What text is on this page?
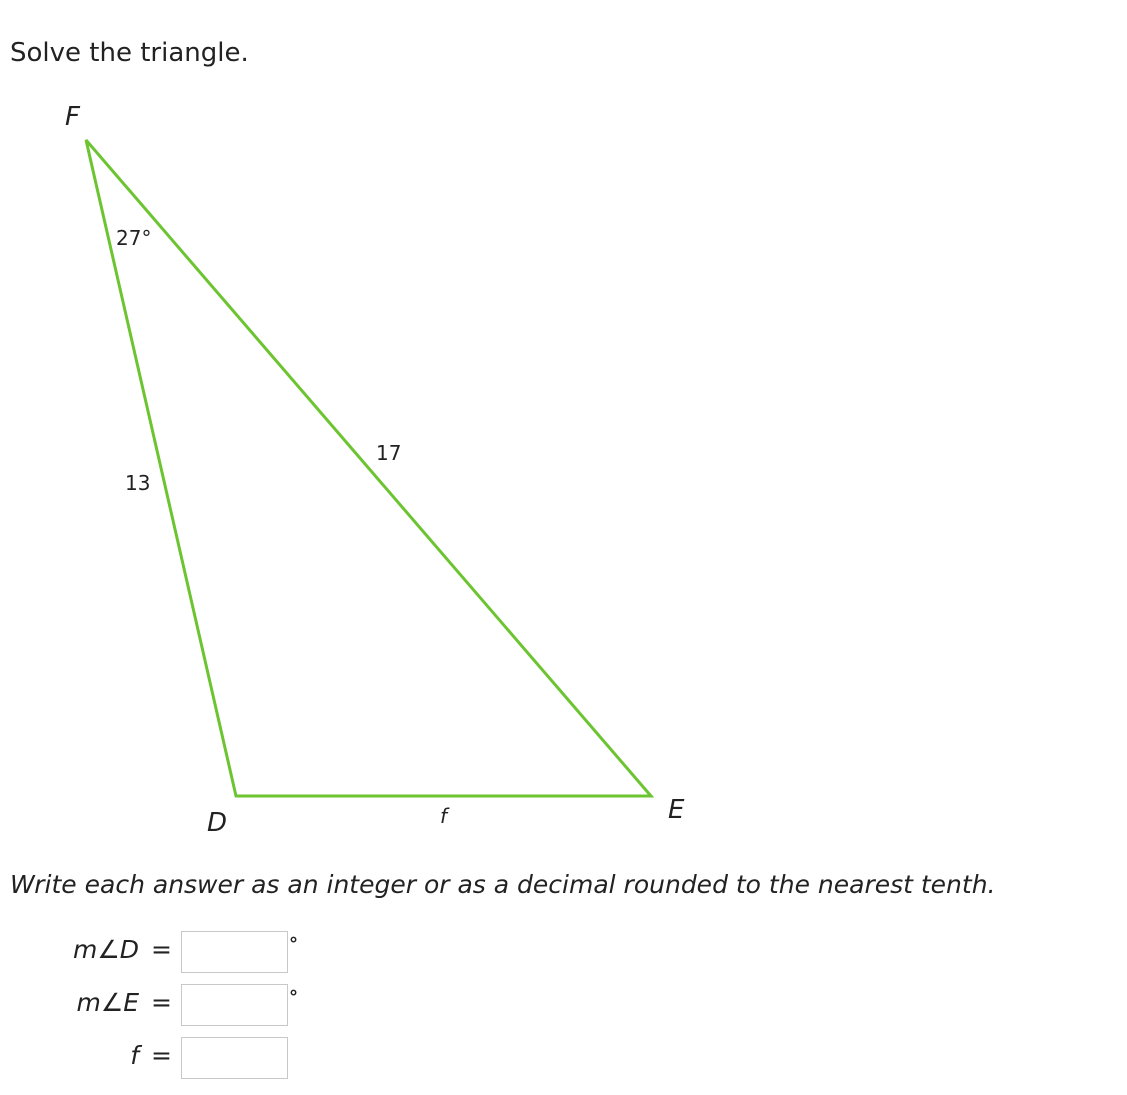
Solve the triangle.
F
D	E
27°
13
17
f

Write each answer as an integer or as a decimal rounded to the nearest tenth.

m∠D =	°
m∠E =	°
f =
